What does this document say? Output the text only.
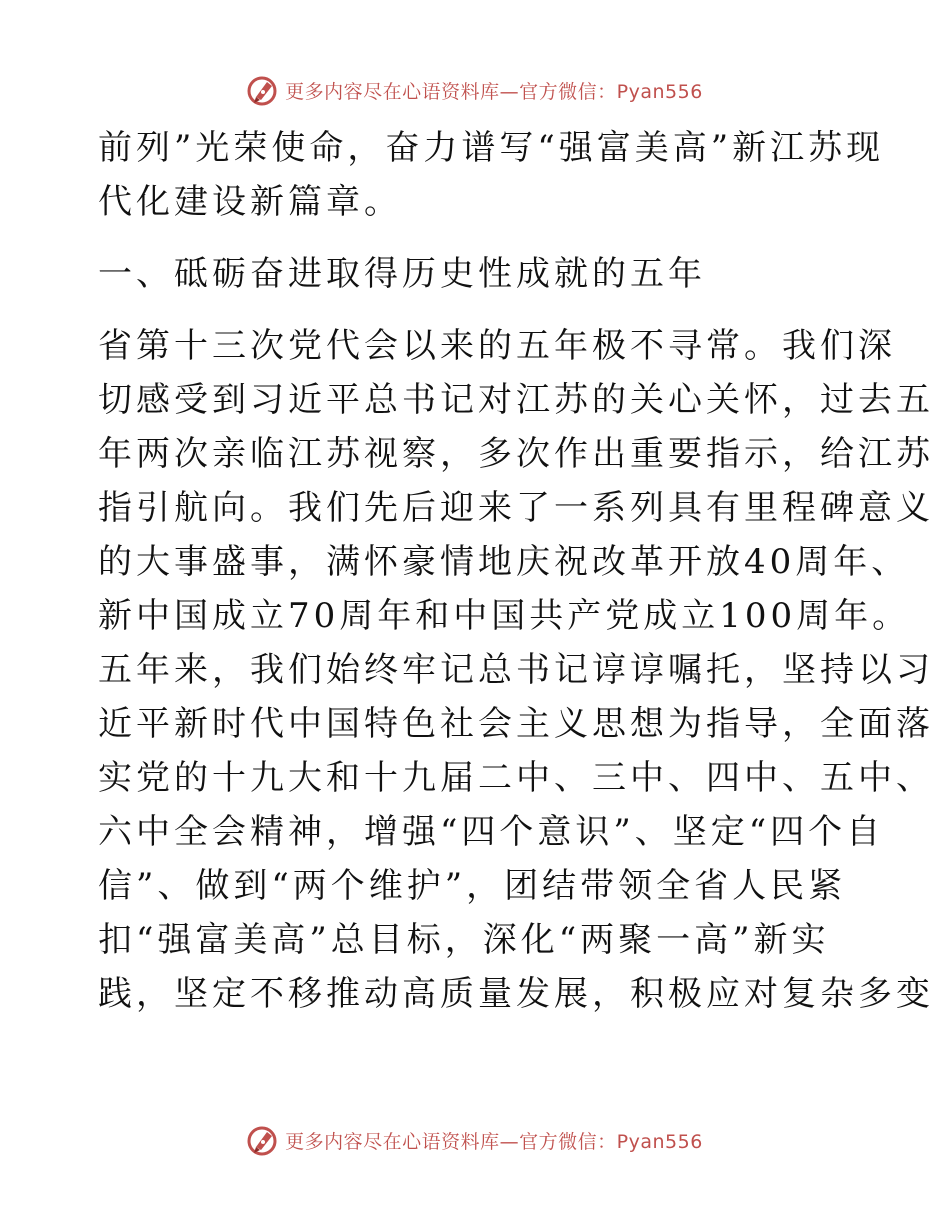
更多内容尽在心语资料库—官方微信：Pyan556
前列”光荣使命，奋力谱写“强富美高”新江苏现
代化建设新篇章。
一、砥砺奋进取得历史性成就的五年
省第十三次党代会以来的五年极不寻常。我们深
切感受到习近平总书记对江苏的关心关怀，过去五
年两次亲临江苏视察，多次作出重要指示，给江苏
指引航向。我们先后迎来了一系列具有里程碑意义
的大事盛事，满怀豪情地庆祝改革开放40周年、
新中国成立70周年和中国共产党成立100周年。
五年来，我们始终牢记总书记谆谆嘱托，坚持以习
近平新时代中国特色社会主义思想为指导，全面落
实党的十九大和十九届二中、三中、四中、五中、
六中全会精神，增强“四个意识”、坚定“四个自
信”、做到“两个维护”，团结带领全省人民紧
扣“强富美高”总目标，深化“两聚一高”新实
践，坚定不移推动高质量发展，积极应对复杂多变
更多内容尽在心语资料库—官方微信：Pyan556
